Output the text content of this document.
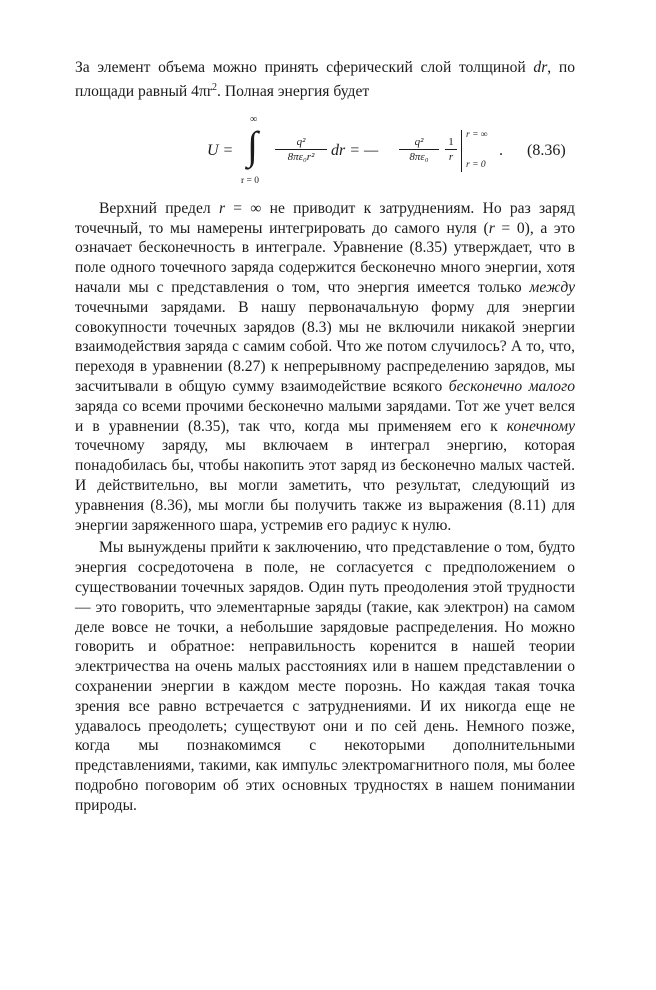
За элемент объема можно принять сферический слой толщиной dr, по площади равный $4\pi r^2$. Полная энергия будет

U =
∞
∫
r = 0
$\frac{\text{q²}}{\text{8πε₀r²}}$ dr = — $\frac{\text{q²}}{\text{8πε₀}} \frac{1}{r}$
r = ∞
r = 0
. (8.36)

Верхний предел r = ∞ не приводит к затруднениям. Но раз заряд точечный, то мы намерены интегрировать до самого нуля (r = 0), а это означает бесконечность в интеграле. Уравнение (8.35) утверждает, что в поле одного точечного заряда содержится бесконечно много энергии, хотя начали мы с представления о том, что энергия имеется только между точечными зарядами. В нашу первоначальную форму для энергии совокупности точечных зарядов (8.3) мы не включили никакой энергии взаимодействия заряда с самим собой. Что же потом случилось? А то, что, переходя в уравнении (8.27) к непрерывному распределению зарядов, мы засчитывали в общую сумму взаимодействие всякого бесконечно малого заряда со всеми прочими бесконечно малыми зарядами. Тот же учет велся и в уравнении (8.35), так что, когда мы применяем его к конечному точечному заряду, мы включаем в интеграл энергию, которая понадобилась бы, чтобы накопить этот заряд из бесконечно малых частей. И действительно, вы могли заметить, что результат, следующий из уравнения (8.36), мы могли бы получить также из выражения (8.11) для энергии заряженного шара, устремив его радиус к нулю.

Мы вынуждены прийти к заключению, что представление о том, будто энергия сосредоточена в поле, не согласуется с предположением о существовании точечных зарядов. Один путь преодоления этой трудности — это говорить, что элементарные заряды (такие, как электрон) на самом деле вовсе не точки, а небольшие зарядовые распределения. Но можно говорить и обратное: неправильность коренится в нашей теории электричества на очень малых расстояниях или в нашем представлении о сохранении энергии в каждом месте порознь. Но каждая такая точка зрения все равно встречается с затруднениями. И их никогда еще не удавалось преодолеть; существуют они и по сей день. Немного позже, когда мы познакомимся с некоторыми дополнительными представлениями, такими, как импульс электромагнитного поля, мы более подробно поговорим об этих основных трудностях в нашем понимании природы.
